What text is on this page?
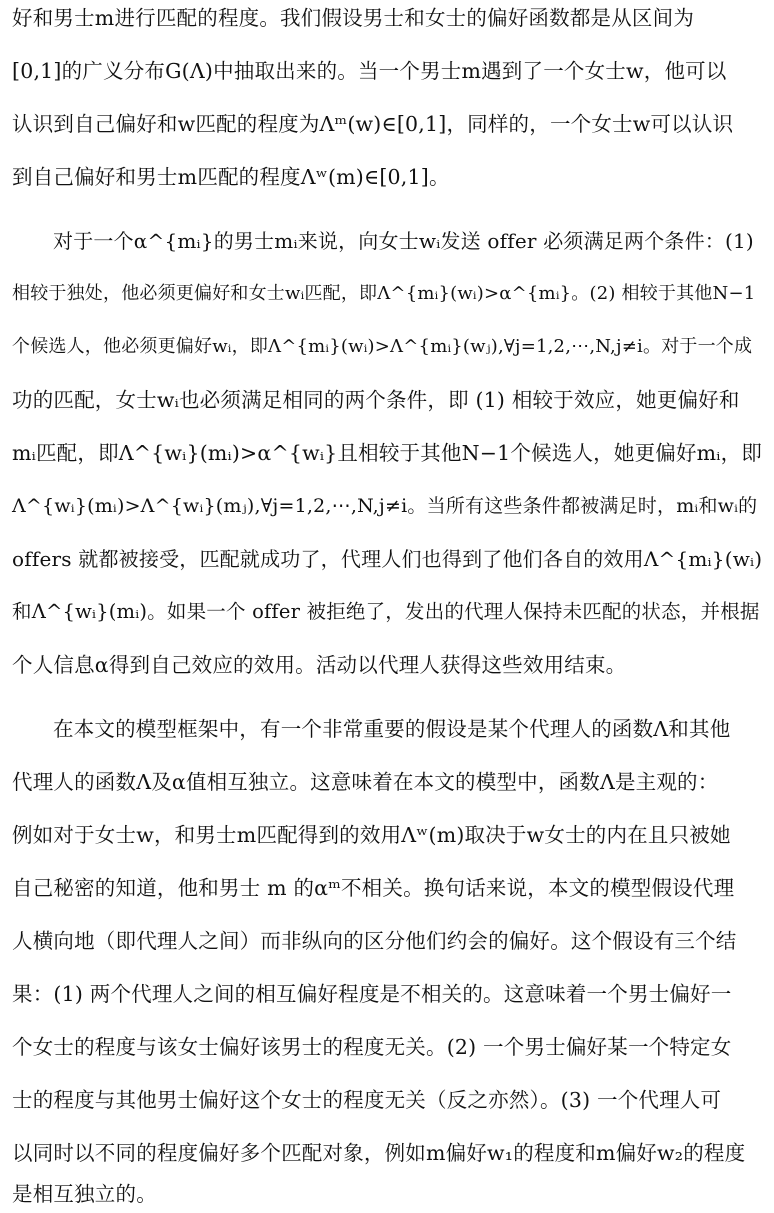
好和男士m进行匹配的程度。我们假设男士和女士的偏好函数都是从区间为
[0,1]的广义分布G(Λ)中抽取出来的。当一个男士m遇到了一个女士w，他可以
认识到自己偏好和w匹配的程度为Λᵐ(w)∈[0,1]，同样的，一个女士w可以认识
到自己偏好和男士m匹配的程度Λʷ(m)∈[0,1]。
对于一个α^{mᵢ}的男士mᵢ来说，向女士wᵢ发送 offer 必须满足两个条件：(1)
相较于独处，他必须更偏好和女士wᵢ匹配，即Λ^{mᵢ}(wᵢ)>α^{mᵢ}。(2) 相较于其他N−1
个候选人，他必须更偏好wᵢ，即Λ^{mᵢ}(wᵢ)>Λ^{mᵢ}(wⱼ),∀j=1,2,⋯,N,j≠i。对于一个成
功的匹配，女士wᵢ也必须满足相同的两个条件，即 (1) 相较于效应，她更偏好和
mᵢ匹配，即Λ^{wᵢ}(mᵢ)>α^{wᵢ}且相较于其他N−1个候选人，她更偏好mᵢ，即
Λ^{wᵢ}(mᵢ)>Λ^{wᵢ}(mⱼ),∀j=1,2,⋯,N,j≠i。当所有这些条件都被满足时，mᵢ和wᵢ的
offers 就都被接受，匹配就成功了，代理人们也得到了他们各自的效用Λ^{mᵢ}(wᵢ)
和Λ^{wᵢ}(mᵢ)。如果一个 offer 被拒绝了，发出的代理人保持未匹配的状态，并根据
个人信息α得到自己效应的效用。活动以代理人获得这些效用结束。
在本文的模型框架中，有一个非常重要的假设是某个代理人的函数Λ和其他
代理人的函数Λ及α值相互独立。这意味着在本文的模型中，函数Λ是主观的：
例如对于女士w，和男士m匹配得到的效用Λʷ(m)取决于w女士的内在且只被她
自己秘密的知道，他和男士 m 的αᵐ不相关。换句话来说，本文的模型假设代理
人横向地（即代理人之间）而非纵向的区分他们约会的偏好。这个假设有三个结
果：(1) 两个代理人之间的相互偏好程度是不相关的。这意味着一个男士偏好一
个女士的程度与该女士偏好该男士的程度无关。(2) 一个男士偏好某一个特定女
士的程度与其他男士偏好这个女士的程度无关（反之亦然）。(3) 一个代理人可
以同时以不同的程度偏好多个匹配对象，例如m偏好w₁的程度和m偏好w₂的程度
是相互独立的。
